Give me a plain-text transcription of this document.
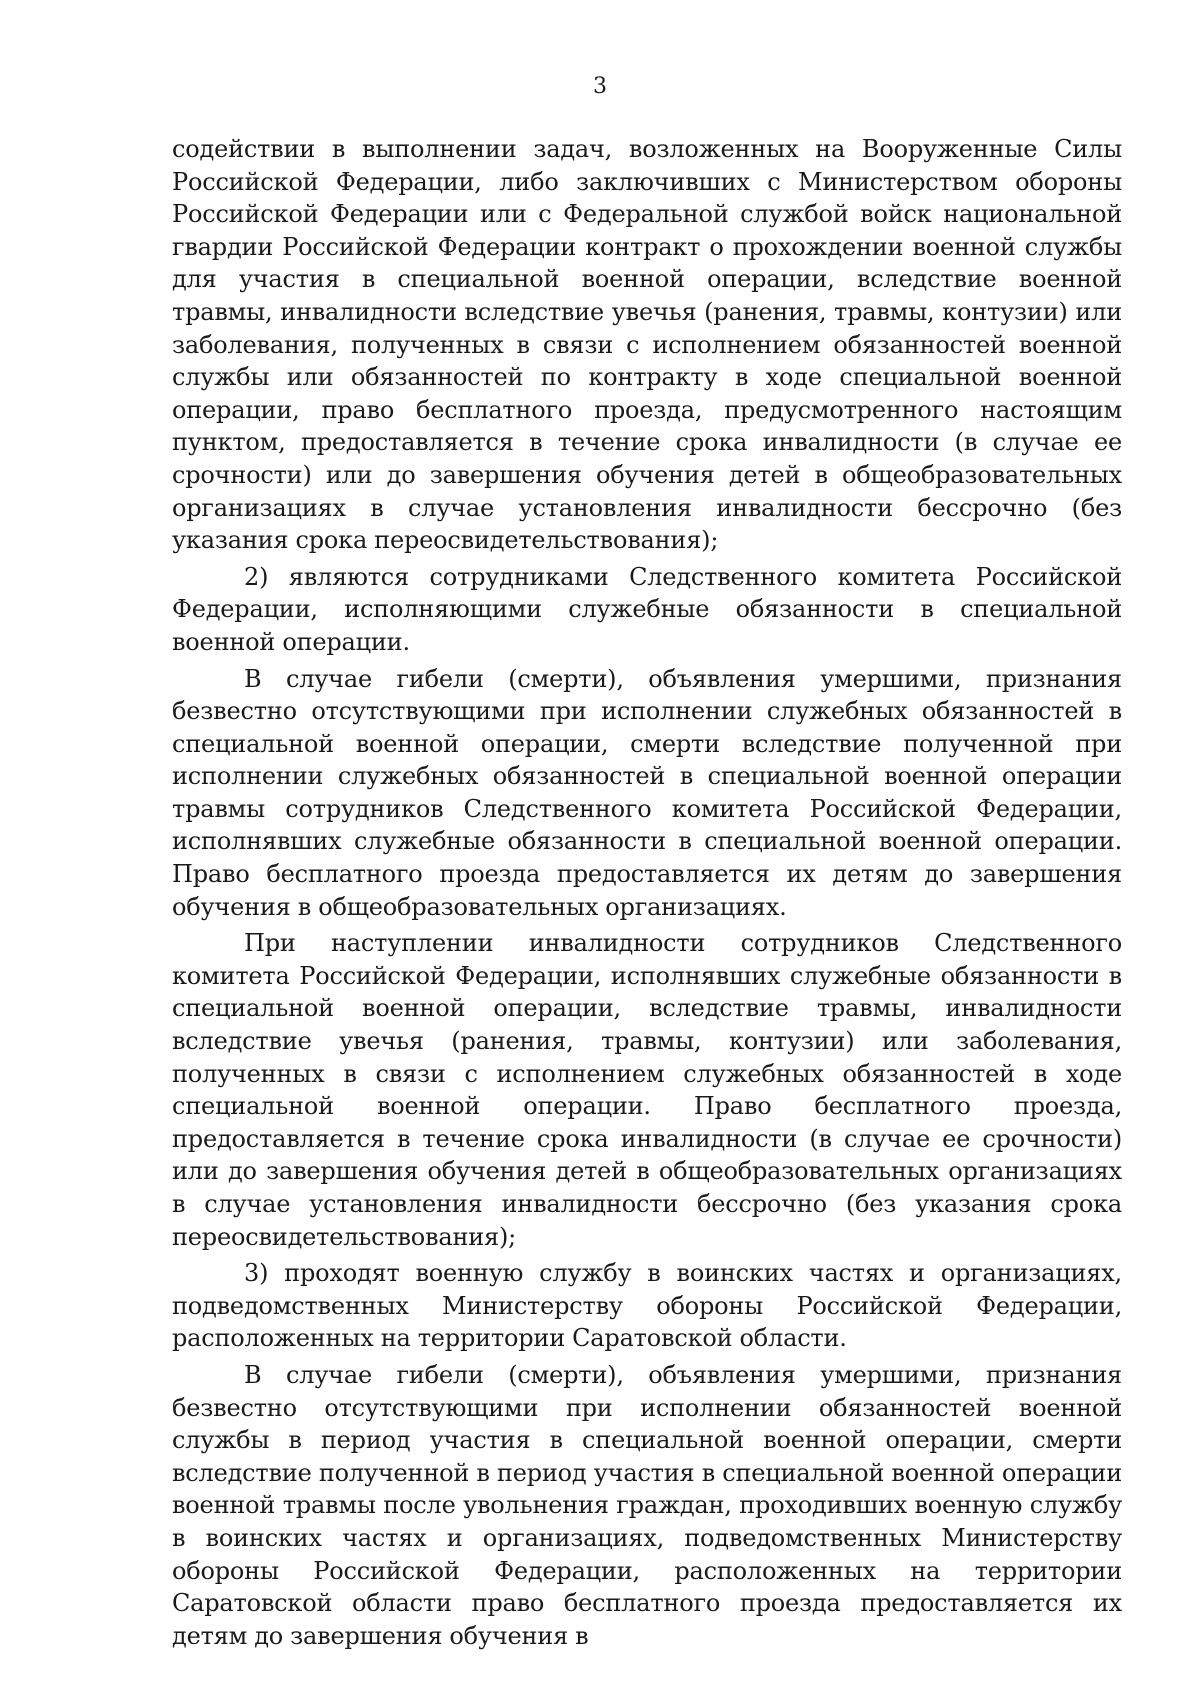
3

содействии в выполнении задач, возложенных на Вооруженные Силы Российской Федерации, либо заключивших с Министерством обороны Российской Федерации или с Федеральной службой войск национальной гвардии Российской Федерации контракт о прохождении военной службы для участия в специальной военной операции, вследствие военной травмы, инвалидности вследствие увечья (ранения, травмы, контузии) или заболевания, полученных в связи с исполнением обязанностей военной службы или обязанностей по контракту в ходе специальной военной операции, право бесплатного проезда, предусмотренного настоящим пунктом, предоставляется в течение срока инвалидности (в случае ее срочности) или до завершения обучения детей в общеобразовательных организациях в случае установления инвалидности бессрочно (без указания срока переосвидетельствования);

2) являются сотрудниками Следственного комитета Российской Федерации, исполняющими служебные обязанности в специальной военной операции.

В случае гибели (смерти), объявления умершими, признания безвестно отсутствующими при исполнении служебных обязанностей в специальной военной операции, смерти вследствие полученной при исполнении служебных обязанностей в специальной военной операции травмы сотрудников Следственного комитета Российской Федерации, исполнявших служебные обязанности в специальной военной операции. Право бесплатного проезда предоставляется их детям до завершения обучения в общеобразовательных организациях.

При наступлении инвалидности сотрудников Следственного комитета Российской Федерации, исполнявших служебные обязанности в специальной военной операции, вследствие травмы, инвалидности вследствие увечья (ранения, травмы, контузии) или заболевания, полученных в связи с исполнением служебных обязанностей в ходе специальной военной операции. Право бесплатного проезда, предоставляется в течение срока инвалидности (в случае ее срочности) или до завершения обучения детей в общеобразовательных организациях в случае установления инвалидности бессрочно (без указания срока переосвидетельствования);

3) проходят военную службу в воинских частях и организациях, подведомственных Министерству обороны Российской Федерации, расположенных на территории Саратовской области.

В случае гибели (смерти), объявления умершими, признания безвестно отсутствующими при исполнении обязанностей военной службы в период участия в специальной военной операции, смерти вследствие полученной в период участия в специальной военной операции военной травмы после увольнения граждан, проходивших военную службу в воинских частях и организациях, подведомственных Министерству обороны Российской Федерации, расположенных на территории Саратовской области право бесплатного проезда предоставляется их детям до завершения обучения в
